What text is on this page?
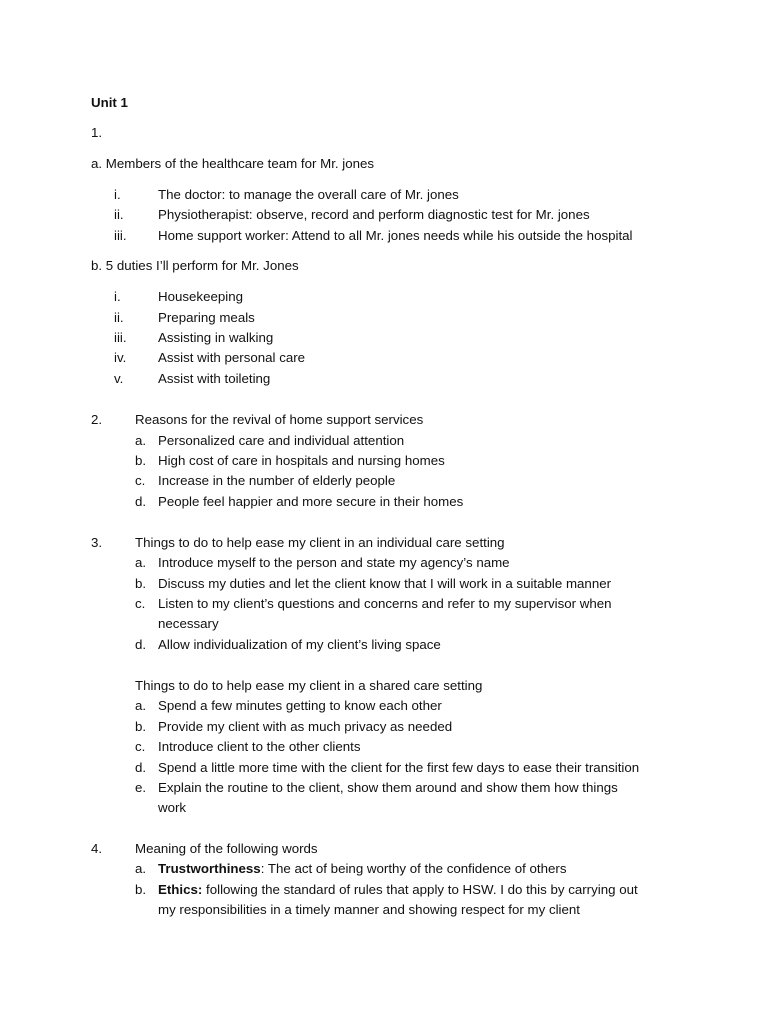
Unit 1
1.
a. Members of the healthcare team for Mr. jones
i.	The doctor: to manage the overall care of Mr. jones
ii.	Physiotherapist: observe, record and perform diagnostic test for Mr. jones
iii. Home support worker: Attend to all Mr. jones needs while his outside the hospital
b. 5 duties I’ll perform for Mr. Jones
i.	Housekeeping
ii.	Preparing meals
iii. Assisting in walking
iv. Assist with personal care
v.	Assist with toileting
2. Reasons for the revival of home support services
a. Personalized care and individual attention
b. High cost of care in hospitals and nursing homes
c. Increase in the number of elderly people
d. People feel happier and more secure in their homes
3. Things to do to help ease my client in an individual care setting
a. Introduce myself to the person and state my agency’s name
b. Discuss my duties and let the client know that I will work in a suitable manner
c. Listen to my client’s questions and concerns and refer to my supervisor when
necessary
d. Allow individualization of my client’s living space
Things to do to help ease my client in a shared care setting
a. Spend a few minutes getting to know each other
b. Provide my client with as much privacy as needed
c. Introduce client to the other clients
d. Spend a little more time with the client for the first few days to ease their transition
e. Explain the routine to the client, show them around and show them how things
work
4. Meaning of the following words
a. Trustworthiness: The act of being worthy of the confidence of others
b. Ethics: following the standard of rules that apply to HSW. I do this by carrying out
my responsibilities in a timely manner and showing respect for my client
